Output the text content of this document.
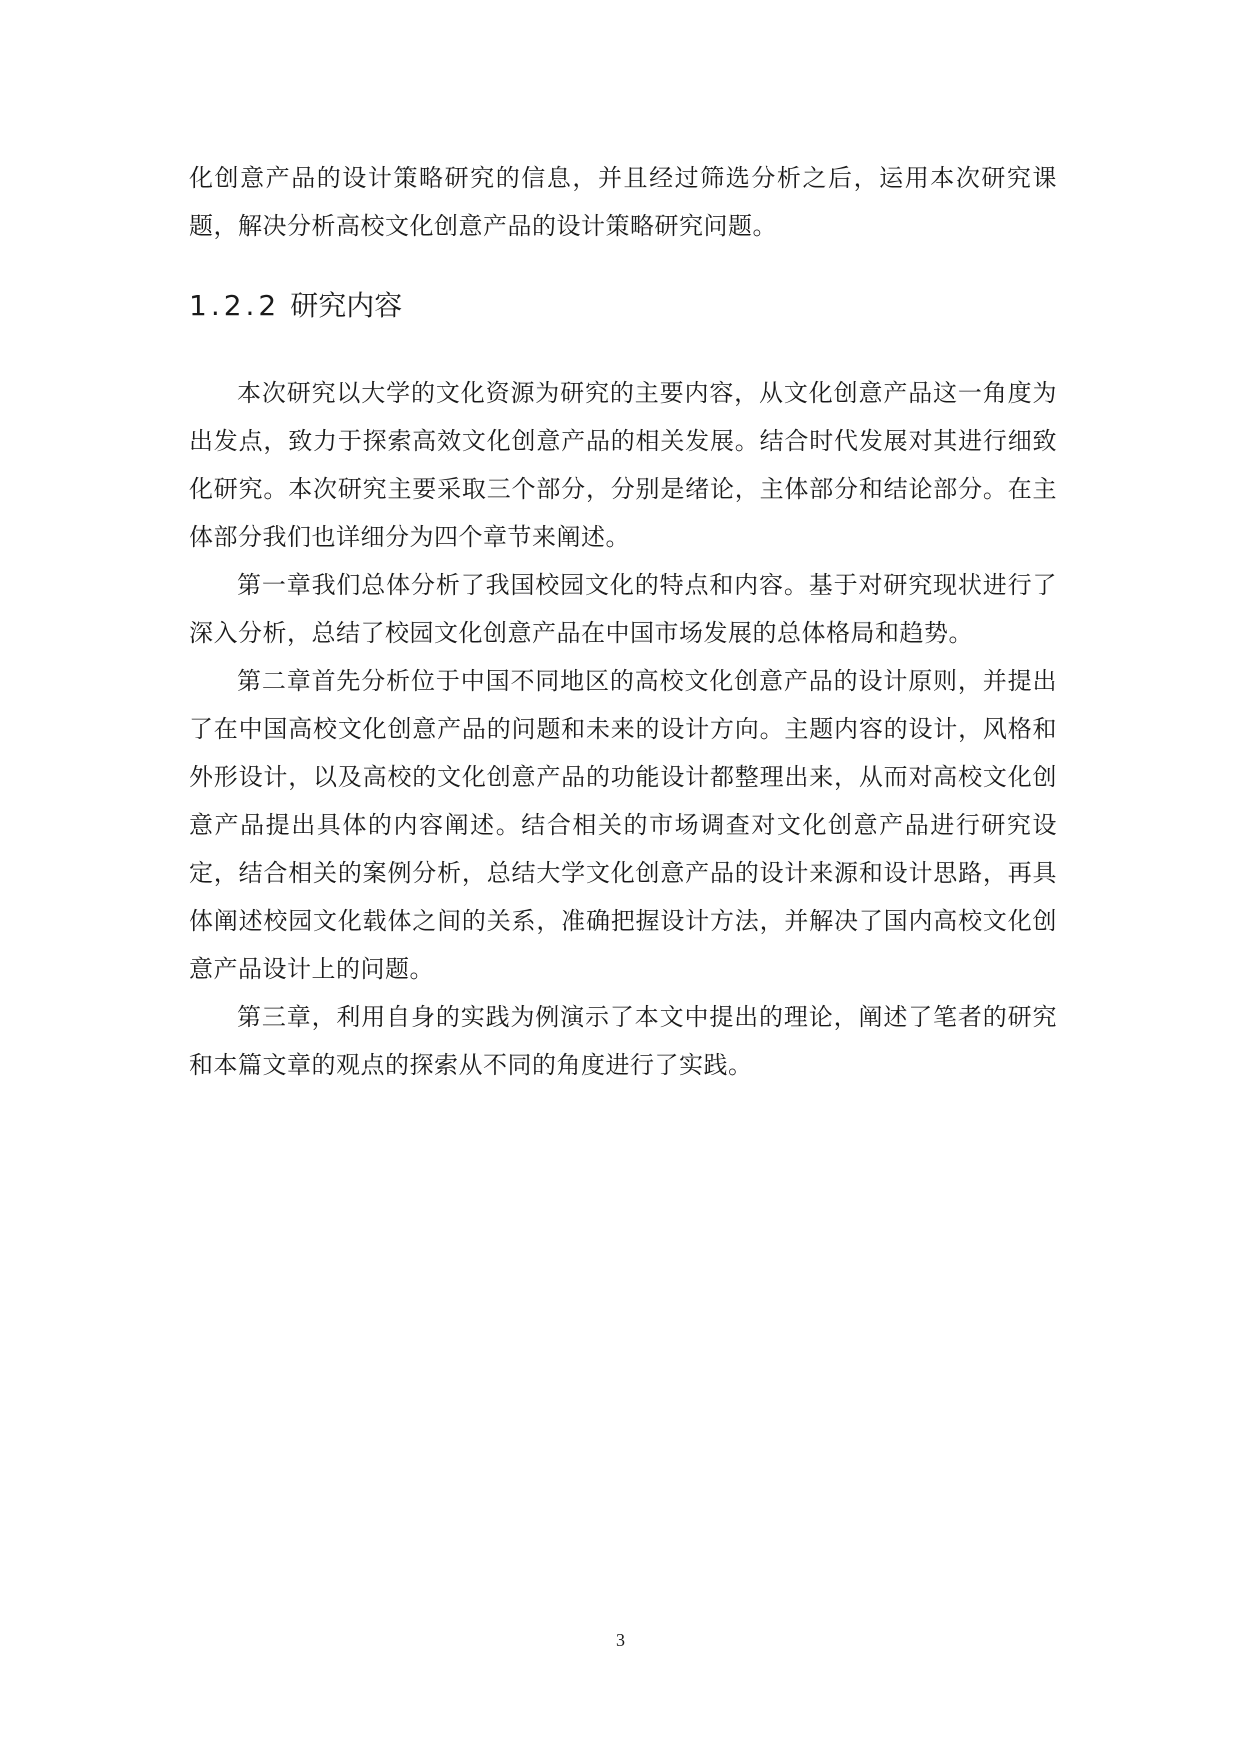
化创意产品的设计策略研究的信息，并且经过筛选分析之后，运用本次研究课题，解决分析高校文化创意产品的设计策略研究问题。

1.2.2 研究内容

本次研究以大学的文化资源为研究的主要内容，从文化创意产品这一角度为出发点，致力于探索高效文化创意产品的相关发展。结合时代发展对其进行细致化研究。本次研究主要采取三个部分，分别是绪论，主体部分和结论部分。在主体部分我们也详细分为四个章节来阐述。

第一章我们总体分析了我国校园文化的特点和内容。基于对研究现状进行了深入分析，总结了校园文化创意产品在中国市场发展的总体格局和趋势。

第二章首先分析位于中国不同地区的高校文化创意产品的设计原则，并提出了在中国高校文化创意产品的问题和未来的设计方向。主题内容的设计，风格和外形设计，以及高校的文化创意产品的功能设计都整理出来，从而对高校文化创意产品提出具体的内容阐述。结合相关的市场调查对文化创意产品进行研究设定，结合相关的案例分析，总结大学文化创意产品的设计来源和设计思路，再具体阐述校园文化载体之间的关系，准确把握设计方法，并解决了国内高校文化创意产品设计上的问题。

第三章，利用自身的实践为例演示了本文中提出的理论，阐述了笔者的研究和本篇文章的观点的探索从不同的角度进行了实践。

3
